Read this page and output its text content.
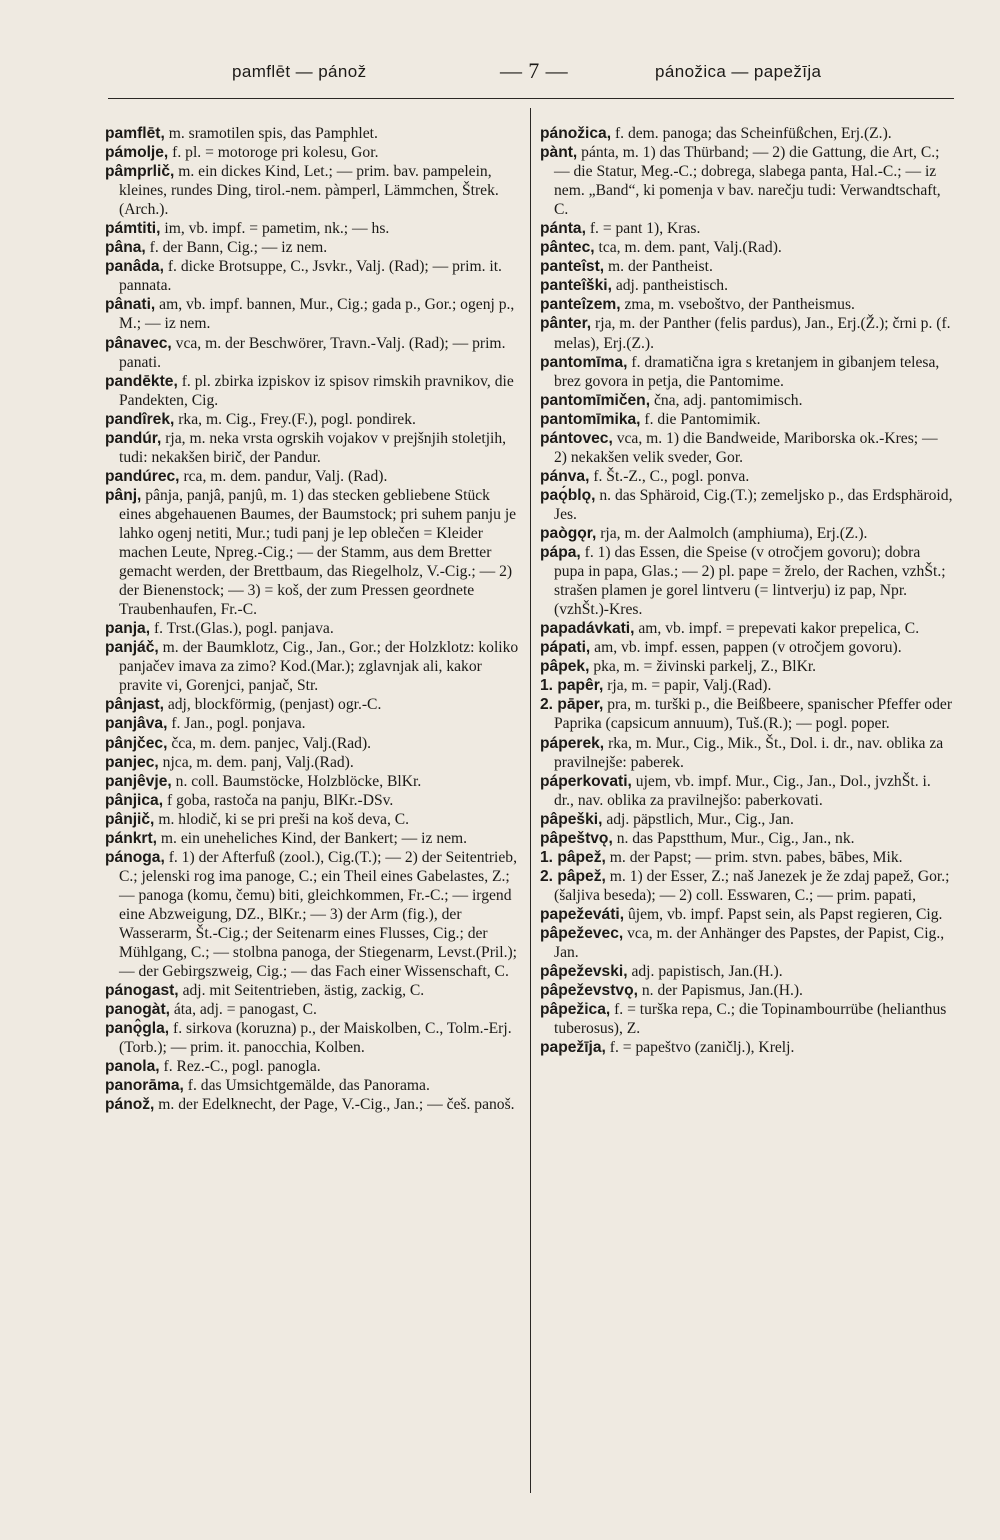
pamflēt — pánož	— 7 —	pánožica — papežīja

pamflēt, m. sramotilen spis, das Pamphlet.

pámolje, f. pl. = motoroge pri kolesu, Gor.

pâmprlič, m. ein dickes Kind, Let.; — prim. bav. pampelein, kleines, rundes Ding, tirol.-nem. pàmperl, Lämmchen, Štrek.(Arch.).

pámtiti, im, vb. impf. = pametim, nk.; — hs.

pâna, f. der Bann, Cig.; — iz nem.

panâda, f. dicke Brotsuppe, C., Jsvkr., Valj. (Rad); — prim. it. pannata.

pânati, am, vb. impf. bannen, Mur., Cig.; gada p., Gor.; ogenj p., M.; — iz nem.

pânavec, vca, m. der Beschwörer, Travn.-Valj. (Rad); — prim. panati.

pandēkte, f. pl. zbirka izpiskov iz spisov rimskih pravnikov, die Pandekten, Cig.

pandîrek, rka, m. Cig., Frey.(F.), pogl. pondirek.

pandúr, rja, m. neka vrsta ogrskih vojakov v prejšnjih stoletjih, tudi: nekakšen birič, der Pandur.

pandúrec, rca, m. dem. pandur, Valj. (Rad).

pânj, pânja, panjâ, panjû, m. 1) das stecken gebliebene Stück eines abgehauenen Baumes, der Baumstock; pri suhem panju je lahko ogenj netiti, Mur.; tudi panj je lep oblečen = Kleider machen Leute, Npreg.-Cig.; — der Stamm, aus dem Bretter gemacht werden, der Brettbaum, das Riegelholz, V.-Cig.; — 2) der Bienenstock; — 3) = koš, der zum Pressen geordnete Traubenhaufen, Fr.-C.

panja, f. Trst.(Glas.), pogl. panjava.

panjáč, m. der Baumklotz, Cig., Jan., Gor.; der Holzklotz: koliko panjačev imava za zimo? Kod.(Mar.); zglavnjak ali, kakor pravite vi, Gorenjci, panjač, Str.

pânjast, adj, blockförmig, (penjast) ogr.-C.

panjâva, f. Jan., pogl. ponjava.

pânjčec, čca, m. dem. panjec, Valj.(Rad).

panjec, njca, m. dem. panj, Valj.(Rad).

panjêvje, n. coll. Baumstöcke, Holzblöcke, BlKr.

pânjica, f goba, rastoča na panju, BlKr.-DSv.

pânjič, m. hlodič, ki se pri preši na koš deva, C.

pánkrt, m. ein uneheliches Kind, der Bankert; — iz nem.

pánoga, f. 1) der Afterfuß (zool.), Cig.(T.); — 2) der Seitentrieb, C.; jelenski rog ima panoge, C.; ein Theil eines Gabelastes, Z.; — panoga (komu, čemu) biti, gleichkommen, Fr.-C.; — irgend eine Abzweigung, DZ., BlKr.; — 3) der Arm (fig.), der Wasserarm, Št.-Cig.; der Seitenarm eines Flusses, Cig.; der Mühlgang, C.; — stolbna panoga, der Stiegenarm, Levst.(Pril.); — der Gebirgszweig, Cig.; — das Fach einer Wissenschaft, C.

pánogast, adj. mit Seitentrieben, ästig, zackig, C.

panogàt, áta, adj. = panogast, C.

panǫ̂gla, f. sirkova (koruzna) p., der Maiskolben, C., Tolm.-Erj.(Torb.); — prim. it. panocchia, Kolben.

panola, f. Rez.-C., pogl. panogla.

panorāma, f. das Umsichtgemälde, das Panorama.

pánož, m. der Edelknecht, der Page, V.-Cig., Jan.; — češ. panoš.

pánožica, f. dem. panoga; das Scheinfüßchen, Erj.(Z.).

pànt, pánta, m. 1) das Thürband; — 2) die Gattung, die Art, C.; — die Statur, Meg.-C.; dobrega, slabega panta, Hal.-C.; — iz nem. „Band“, ki pomenja v bav. narečju tudi: Verwandtschaft, C.

pánta, f. = pant 1), Kras.

pântec, tca, m. dem. pant, Valj.(Rad).

panteîst, m. der Pantheist.

panteîški, adj. pantheistisch.

panteîzem, zma, m. vseboštvo, der Pantheismus.

pânter, rja, m. der Panther (felis pardus), Jan., Erj.(Ž.); črni p. (f. melas), Erj.(Z.).

pantomīma, f. dramatična igra s kretanjem in gibanjem telesa, brez govora in petja, die Pantomime.

pantomīmičen, čna, adj. pantomimisch.

pantomīmika, f. die Pantomimik.

pántovec, vca, m. 1) die Bandweide, Mariborska ok.-Kres; — 2) nekakšen velik sveder, Gor.

pánva, f. Št.-Z., C., pogl. ponva.

paǫ́blǫ, n. das Sphäroid, Cig.(T.); zemeljsko p., das Erdsphäroid, Jes.

paògǫr, rja, m. der Aalmolch (amphiuma), Erj.(Z.).

pápa, f. 1) das Essen, die Speise (v otročjem govoru); dobra pupa in papa, Glas.; — 2) pl. pape = žrelo, der Rachen, vzhŠt.; strašen plamen je gorel lintveru (= lintverju) iz pap, Npr.(vzhŠt.)-Kres.

papadávkati, am, vb. impf. = prepevati kakor prepelica, C.

pápati, am, vb. impf. essen, pappen (v otročjem govoru).

pâpek, pka, m. = živinski parkelj, Z., BlKr.

1. papêr, rja, m. = papir, Valj.(Rad).

2. pāper, pra, m. turški p., die Beißbeere, spanischer Pfeffer oder Paprika (capsicum annuum), Tuš.(R.); — pogl. poper.

páperek, rka, m. Mur., Cig., Mik., Št., Dol. i. dr., nav. oblika za pravilnejše: paberek.

páperkovati, ujem, vb. impf. Mur., Cig., Jan., Dol., jvzhŠt. i. dr., nav. oblika za pravilnejšo: paberkovati.

pâpeški, adj. päpstlich, Mur., Cig., Jan.

pâpeštvǫ, n. das Papstthum, Mur., Cig., Jan., nk.

1. pâpež, m. der Papst; — prim. stvn. pabes, bābes, Mik.

2. pâpež, m. 1) der Esser, Z.; naš Janezek je že zdaj papež, Gor.; (šaljiva beseda); — 2) coll. Esswaren, C.; — prim. papati,

papeževáti, ûjem, vb. impf. Papst sein, als Papst regieren, Cig.

pâpeževec, vca, m. der Anhänger des Papstes, der Papist, Cig., Jan.

pâpeževski, adj. papistisch, Jan.(H.).

pâpeževstvǫ, n. der Papismus, Jan.(H.).

pâpežica, f. = turška repa, C.; die Topinambourrübe (helianthus tuberosus), Z.

papežīja, f. = papeštvo (zaničlj.), Krelj.
